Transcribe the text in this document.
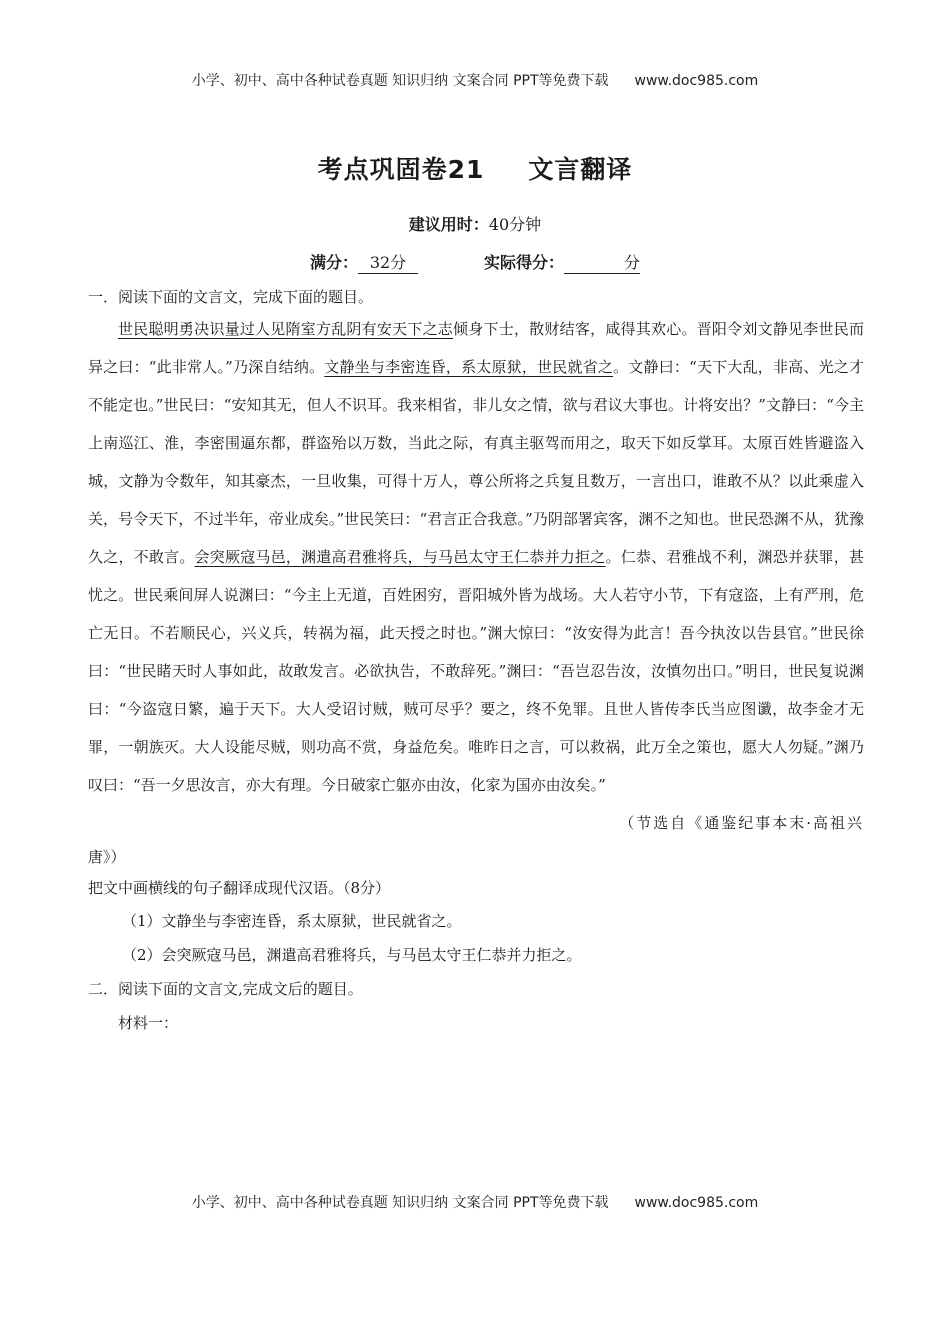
小学、初中、高中各种试卷真题 知识归纳 文案合同 PPT等免费下载 www.doc985.com
考点巩固卷21 文言翻译
建议用时：40分钟
满分： 32分	实际得分：	分

一．阅读下面的文言文，完成下面的题目。

世民聪明勇决识量过人见隋室方乱阴有安天下之志倾身下士，散财结客，咸得其欢心。晋阳令刘文静见李世民而异之曰：“此非常人。”乃深自结纳。文静坐与李密连昏，系太原狱，世民就省之。文静曰：“天下大乱，非高、光之才不能定也。”世民曰：“安知其无，但人不识耳。我来相省，非儿女之情，欲与君议大事也。计将安出？”文静曰：“今主上南巡江、淮，李密围逼东都，群盗殆以万数，当此之际，有真主驱驾而用之，取天下如反掌耳。太原百姓皆避盗入城，文静为令数年，知其豪杰，一旦收集，可得十万人，尊公所将之兵复且数万，一言出口，谁敢不从？以此乘虚入关，号令天下，不过半年，帝业成矣。”世民笑曰：“君言正合我意。”乃阴部署宾客，渊不之知也。世民恐渊不从，犹豫久之，不敢言。会突厥寇马邑，渊遣高君雅将兵，与马邑太守王仁恭并力拒之。仁恭、君雅战不利，渊恐并获罪，甚忧之。世民乘间屏人说渊曰：“今主上无道，百姓困穷，晋阳城外皆为战场。大人若守小节，下有寇盗，上有严刑，危亡无日。不若顺民心，兴义兵，转祸为福，此天授之时也。”渊大惊曰：“汝安得为此言！吾今执汝以告县官。”世民徐曰：“世民睹天时人事如此，故敢发言。必欲执告，不敢辞死。”渊曰：“吾岂忍告汝，汝慎勿出口。”明日，世民复说渊曰：“今盗寇日繁，遍于天下。大人受诏讨贼，贼可尽乎？要之，终不免罪。且世人皆传李氏当应图谶，故李金才无罪，一朝族灭。大人设能尽贼，则功高不赏，身益危矣。唯昨日之言，可以救祸，此万全之策也，愿大人勿疑。”渊乃叹曰：“吾一夕思汝言，亦大有理。今日破家亡躯亦由汝，化家为国亦由汝矣。”

（节选自《通鉴纪事本末·高祖兴

唐》）

把文中画横线的句子翻译成现代汉语。（8分）

（1）文静坐与李密连昏，系太原狱，世民就省之。

（2）会突厥寇马邑，渊遣高君雅将兵，与马邑太守王仁恭并力拒之。

二．阅读下面的文言文,完成文后的题目。

材料一：

小学、初中、高中各种试卷真题 知识归纳 文案合同 PPT等免费下载 www.doc985.com
